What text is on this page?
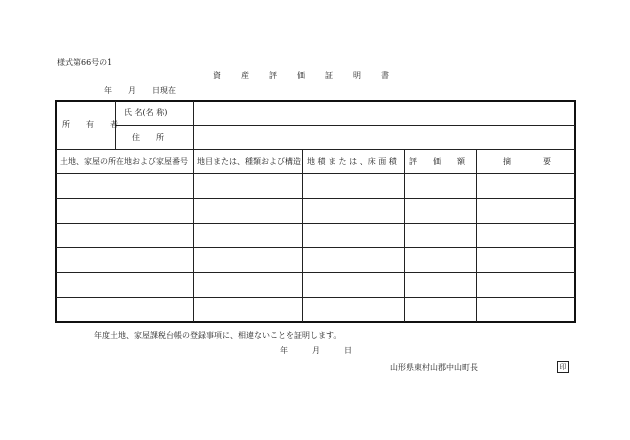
様式第66号の1
資　産　評　価　証　明　書
年　　月　　日現在
所　有　者
氏 名(名 称)
住　　所
土地、家屋の所在地および家屋番号 地目または、種類および構造 地 積 ま た は 、床 面 積 評　　価　　額	摘　　　　要
年度土地、家屋課税台帳の登録事項に、相違ないことを証明します。
年　　　月　　　日
山形県東村山郡中山町長	印
